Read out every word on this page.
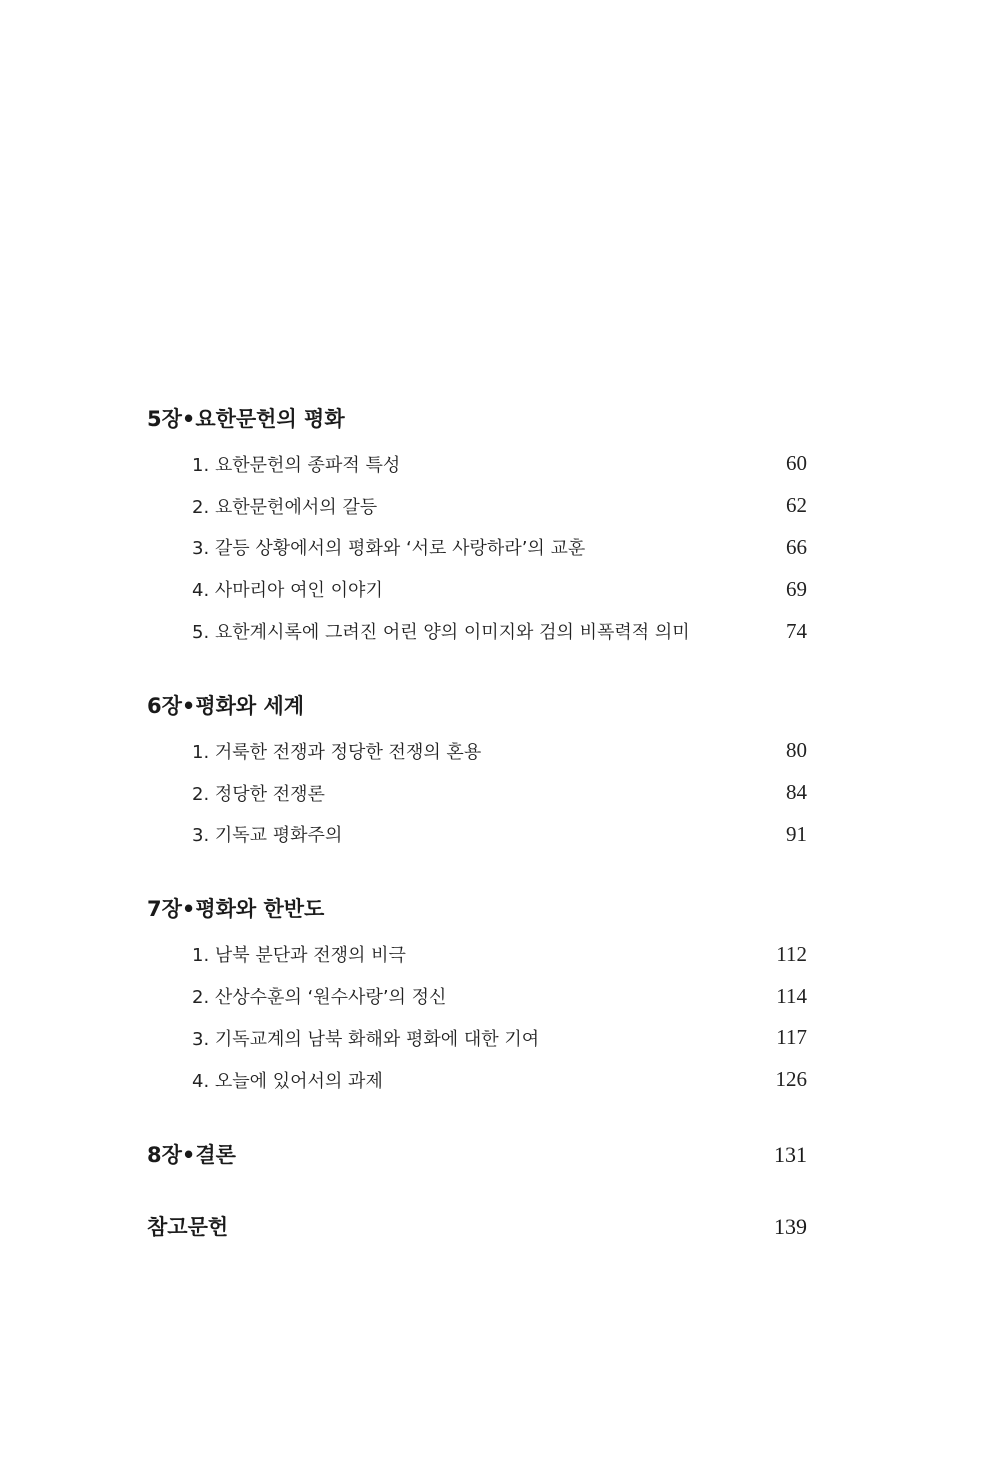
5장•요한문헌의 평화
1. 요한문헌의 종파적 특성	60
2. 요한문헌에서의 갈등	62
3. 갈등 상황에서의 평화와 ‘서로 사랑하라’의 교훈	66
4. 사마리아 여인 이야기	69
5. 요한계시록에 그려진 어린 양의 이미지와 검의 비폭력적 의미	74
6장•평화와 세계
1. 거룩한 전쟁과 정당한 전쟁의 혼용	80
2. 정당한 전쟁론	84
3. 기독교 평화주의	91
7장•평화와 한반도
1. 남북 분단과 전쟁의 비극	112
2. 산상수훈의 ‘원수사랑’의 정신	114
3. 기독교계의 남북 화해와 평화에 대한 기여	117
4. 오늘에 있어서의 과제	126
8장•결론	131
참고문헌	139
